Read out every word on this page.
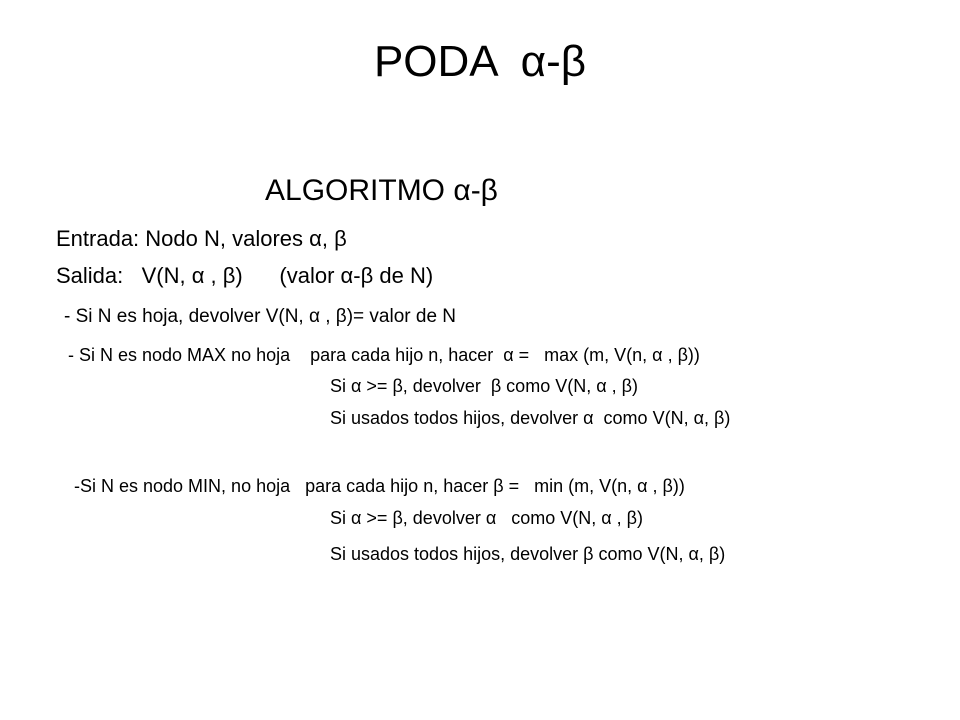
PODA  α-β
ALGORITMO α-β
Entrada: Nodo N, valores α, β
Salida:   V(N, α , β)      (valor α-β de N)
- Si N es hoja, devolver V(N, α , β)= valor de N
- Si N es nodo MAX no hoja    para cada hijo n, hacer  α =   max (m, V(n, α , β))
Si α >= β, devolver  β como V(N, α , β)
Si usados todos hijos, devolver α  como V(N, α, β)
-Si N es nodo MIN, no hoja   para cada hijo n, hacer β =   min (m, V(n, α , β))
Si α >= β, devolver α   como V(N, α , β)
Si usados todos hijos, devolver β como V(N, α, β)
